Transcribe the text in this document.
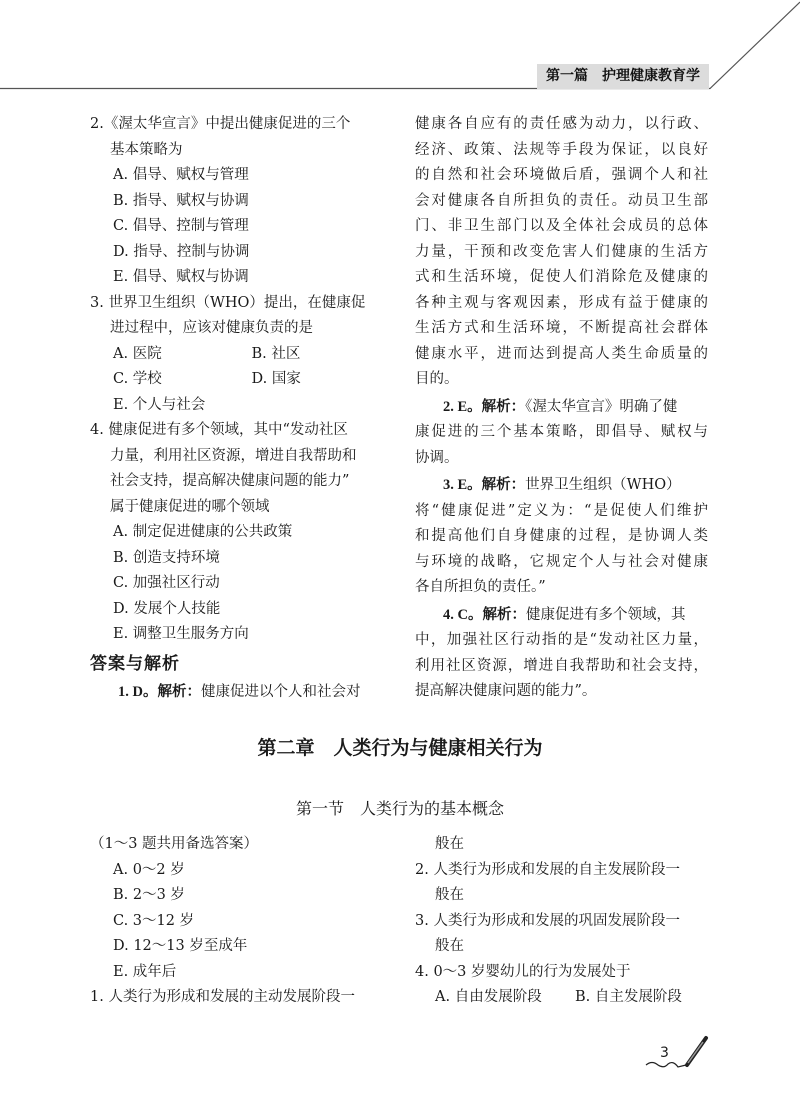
第一篇　护理健康教育学
2.《渥太华宣言》中提出健康促进的三个
基本策略为
A. 倡导、赋权与管理
B. 指导、赋权与协调
C. 倡导、控制与管理
D. 指导、控制与协调
E. 倡导、赋权与协调
3. 世界卫生组织（WHO）提出，在健康促
进过程中，应该对健康负责的是
A. 医院	B. 社区
C. 学校	D. 国家
E. 个人与社会
4. 健康促进有多个领域，其中“发动社区
力量，利用社区资源，增进自我帮助和
社会支持，提高解决健康问题的能力”
属于健康促进的哪个领域
A. 制定促进健康的公共政策
B. 创造支持环境
C. 加强社区行动
D. 发展个人技能
E. 调整卫生服务方向
答案与解析
1. D。解析：健康促进以个人和社会对
健康各自应有的责任感为动力，以行政、
经济、政策、法规等手段为保证，以良好
的自然和社会环境做后盾，强调个人和社
会对健康各自所担负的责任。动员卫生部
门、非卫生部门以及全体社会成员的总体
力量，干预和改变危害人们健康的生活方
式和生活环境，促使人们消除危及健康的
各种主观与客观因素，形成有益于健康的
生活方式和生活环境，不断提高社会群体
健康水平，进而达到提高人类生命质量的
目的。
2. E。解析：《渥太华宣言》明确了健
康促进的三个基本策略，即倡导、赋权与
协调。
3. E。解析：世界卫生组织（WHO）
将“健康促进”定义为：“是促使人们维护
和提高他们自身健康的过程，是协调人类
与环境的战略，它规定个人与社会对健康
各自所担负的责任。”
4. C。解析：健康促进有多个领域，其
中，加强社区行动指的是“发动社区力量，
利用社区资源，增进自我帮助和社会支持，
提高解决健康问题的能力”。
第二章　人类行为与健康相关行为
第一节　人类行为的基本概念
（1～3 题共用备选答案）
A. 0～2 岁
B. 2～3 岁
C. 3～12 岁
D. 12～13 岁至成年
E. 成年后
1. 人类行为形成和发展的主动发展阶段一
般在
2. 人类行为形成和发展的自主发展阶段一
般在
3. 人类行为形成和发展的巩固发展阶段一
般在
4. 0～3 岁婴幼儿的行为发展处于
A. 自由发展阶段	B. 自主发展阶段
3
